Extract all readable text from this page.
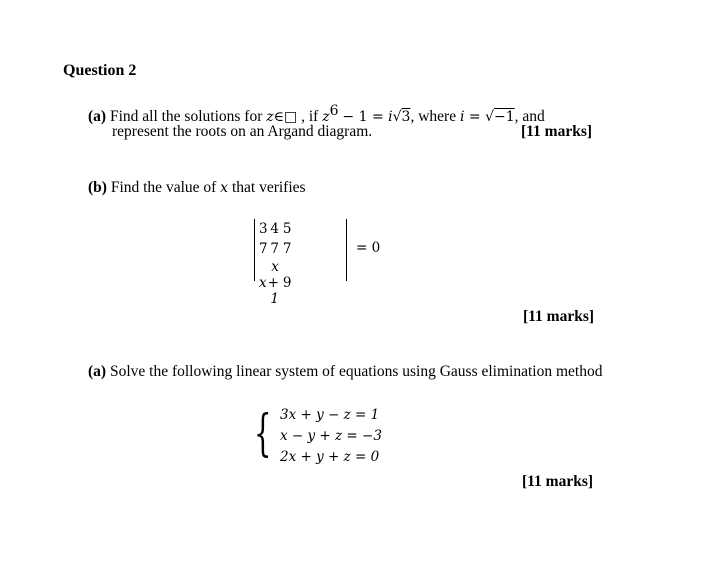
Question 2
(a) Find all the solutions for z∈□ , if $z^6 - 1 = i√3$, where i = √−1, and
represent the roots on an Argand diagram.	[11 marks]
(b) Find the value of x that verifies
3	4	5
7	7	7
x	x + 1	9
= 0
[11 marks]
(a) Solve the following linear system of equations using Gauss elimination method
{ 3x + y − z = 1
x − y + z = −3
2x + y + z = 0
[11 marks]
